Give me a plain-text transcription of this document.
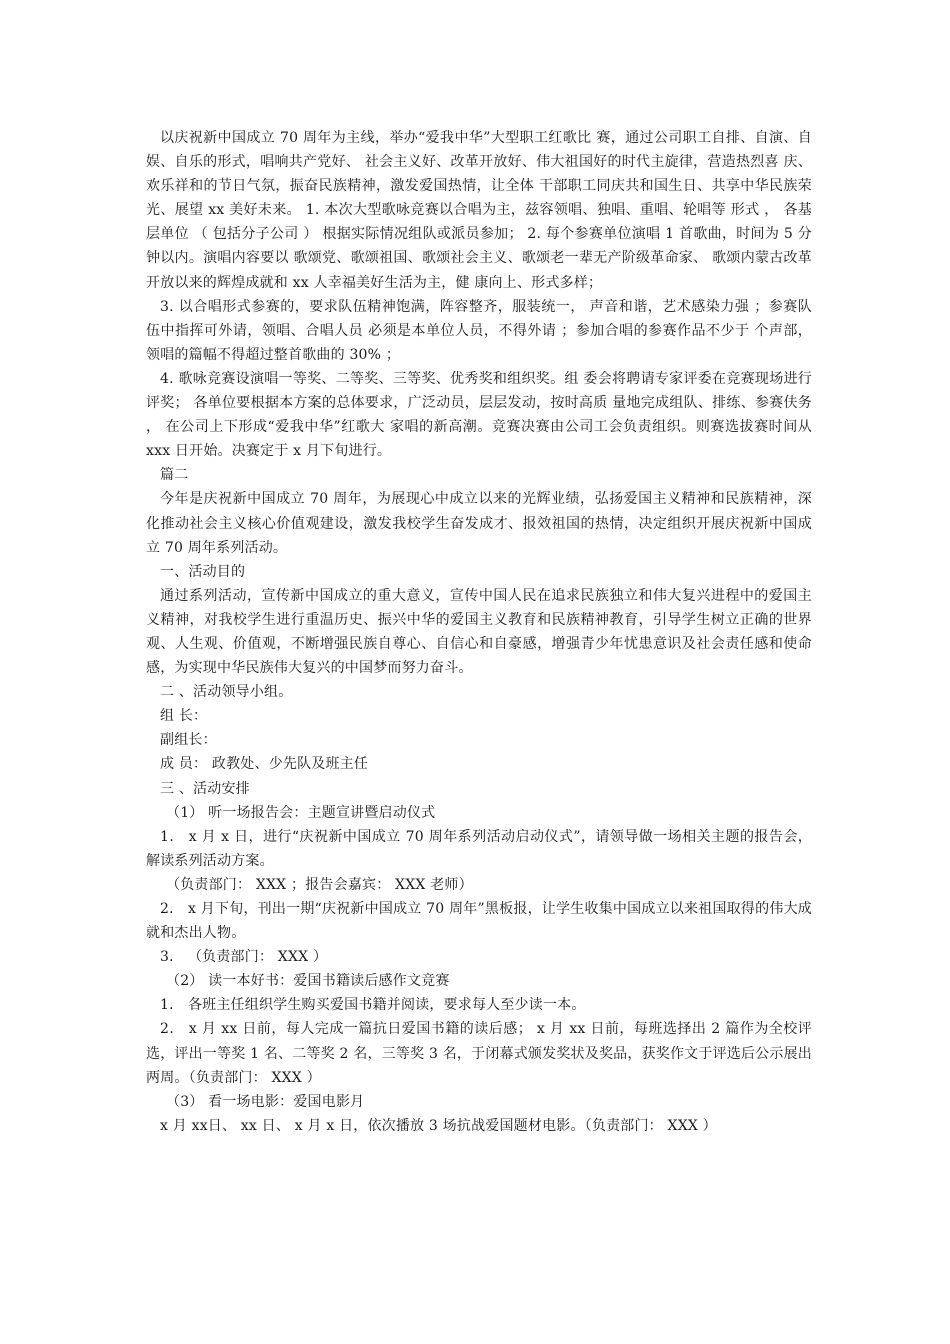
以庆祝新中国成立 70 周年为主线，举办“爱我中华”大型职工红歌比 赛，通过公司职工自排、自演、自娱、自乐的形式，唱响共产党好、 社会主义好、改革开放好、伟大祖国好的时代主旋律，营造热烈喜 庆、欢乐祥和的节日气氛，振奋民族精神，激发爱国热情，让全体 干部职工同庆共和国生日、共享中华民族荣光、展望 xx 美好未来。 1. 本次大型歌咏竞赛以合唱为主，兹容领唱、独唱、重唱、轮唱等 形式 ， 各基层单位 （ 包括分子公司 ） 根据实际情况组队或派员参加； 2. 每个参赛单位演唱 1 首歌曲，时间为 5 分钟以内。演唱内容要以 歌颂党、歌颂祖国、歌颂社会主义、歌颂老一辈无产阶级革命家、 歌颂内蒙古改革开放以来的辉煌成就和 xx 人幸福美好生活为主，健 康向上、形式多样；

3. 以合唱形式参赛的，要求队伍精神饱满，阵容整齐，服装统一， 声音和谐，艺术感染力强 ；参赛队伍中指挥可外请，领唱、合唱人员 必须是本单位人员，不得外请 ；参加合唱的参赛作品不少于 个声部，领唱的篇幅不得超过整首歌曲的 30% ；

4. 歌咏竞赛设演唱一等奖、二等奖、三等奖、优秀奖和组织奖。组 委会将聘请专家评委在竞赛现场进行评奖； 各单位要根据本方案的总体要求，广泛动员，层层发动，按时高质 量地完成组队、排练、参赛伕务 ， 在公司上下形成“爱我中华”红歌大 家唱的新高潮。竞赛决赛由公司工会负责组织。则赛选拔赛时间从xxx 日开始。决赛定于 x 月下旬进行。

篇二

今年是庆祝新中国成立 70 周年，为展现心中成立以来的光辉业绩，弘扬爱国主义精神和民族精神，深化推动社会主义核心价值观建设，激发我校学生奋发成才、报效祖国的热情，决定组织开展庆祝新中国成立 70 周年系列活动。

一、活动目的

通过系列活动，宣传新中国成立的重大意义，宣传中国人民在追求民族独立和伟大复兴进程中的爱国主义精神，对我校学生进行重温历史、振兴中华的爱国主义教育和民族精神教育，引导学生树立正确的世界观、人生观、价值观，不断增强民族自尊心、自信心和自豪感，增强青少年忧患意识及社会责任感和使命感，为实现中华民族伟大复兴的中国梦而努力奋斗。

二 、活动领导小组。

组 长：

副组长：

成 员： 政教处、少先队及班主任

三 、活动安排

（1） 听一场报告会：主题宣讲暨启动仪式

1． x 月 x 日，进行“庆祝新中国成立 70 周年系列活动启动仪式”，请领导做一场相关主题的报告会，解读系列活动方案。

（负责部门： XXX ；报告会嘉宾： XXX 老师）

2． x 月下旬，刊出一期“庆祝新中国成立 70 周年”黑板报，让学生收集中国成立以来祖国取得的伟大成就和杰出人物。

3． （负责部门： XXX ）

（2） 读一本好书：爱国书籍读后感作文竞赛

1． 各班主任组织学生购买爱国书籍并阅读，要求每人至少读一本。

2． x 月 xx 日前，每人完成一篇抗日爱国书籍的读后感； x 月 xx 日前，每班选择出 2 篇作为全校评选，评出一等奖 1 名、二等奖 2 名，三等奖 3 名，于闭幕式颁发奖状及奖品，获奖作文于评选后公示展出两周。（负责部门： XXX ）

（3） 看一场电影：爱国电影月

x 月 xx日、 xx 日、 x 月 x 日，依次播放 3 场抗战爱国题材电影。（负责部门： XXX ）
